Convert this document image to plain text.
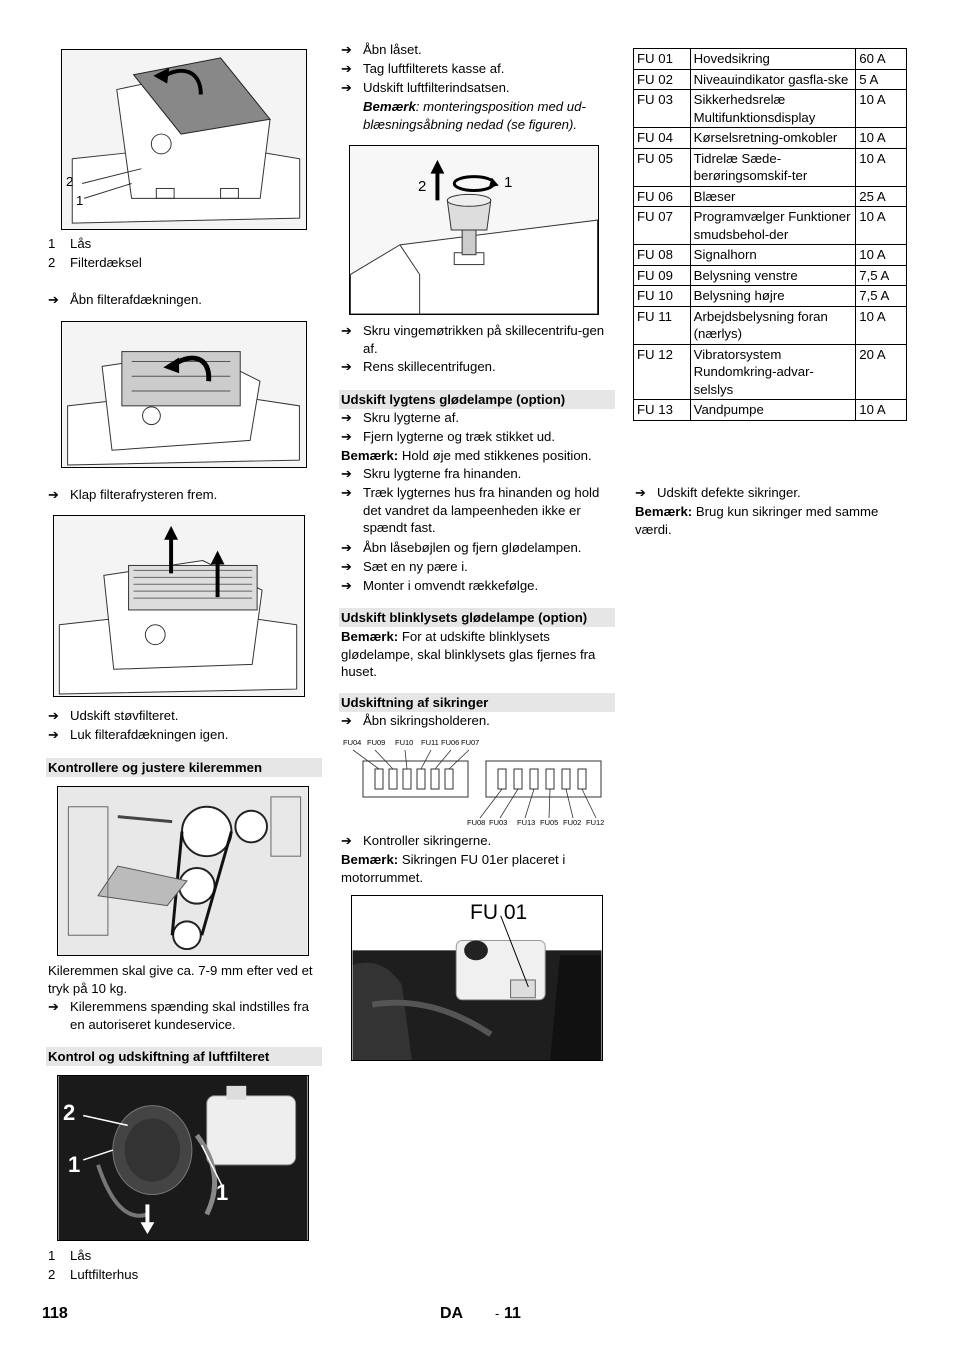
2
1
1 Lås
2 Filterdæksel
➔ Åbn filterafdækningen.
➔ Klap filterafrysteren frem.
➔ Udskift støvfilteret.
➔ Luk filterafdækningen igen.
Kontrollere og justere kileremmen
Kileremmen skal give ca. 7-9 mm efter ved et tryk på 10 kg.
➔ Kileremmens spænding skal indstilles fra en autoriseret kundeservice.
Kontrol og udskiftning af luftfilteret
2
1
1
1 Lås
2 Luftfilterhus
➔ Åbn låset.
➔ Tag luftfilterets kasse af.
➔ Udskift luftfilterindsatsen.
Bemærk: monteringsposition med ud-blæsningsåbning nedad (se figuren).
2	1
➔ Skru vingemøtrikken på skillecentrifu-gen af.
➔ Rens skillecentrifugen.
Udskift lygtens glødelampe (option)
➔ Skru lygterne af.
➔ Fjern lygterne og træk stikket ud.
Bemærk: Hold øje med stikkenes position.
➔ Skru lygterne fra hinanden.
➔ Træk lygternes hus fra hinanden og hold det vandret da lampeenheden ikke er spændt fast.
➔ Åbn låsebøjlen og fjern glødelampen.
➔ Sæt en ny pære i.
➔ Monter i omvendt rækkefølge.
Udskift blinklysets glødelampe (option)
Bemærk: For at udskifte blinklysets glødelampe, skal blinklysets glas fjernes fra huset.
Udskiftning af sikringer
➔ Åbn sikringsholderen.
FU04 FU09 FU10 FU11 FU06 FU07
FU08 FU03 FU13 FU05 FU02 FU12
➔ Kontroller sikringerne.
Bemærk: Sikringen FU 01er placeret i motorrummet.
FU 01
FU 01	Hovedsikring	60 A
FU 02	Niveauindikator gasfla-ske	5 A
FU 03	Sikkerhedsrelæ Multifunktionsdisplay	10 A
FU 04	Kørselsretning-omkobler	10 A
FU 05	Tidrelæ Sæde-berøringsomskif-ter	10 A
FU 06	Blæser	25 A
FU 07	Programvælger Funktioner smudsbehol-der	10 A
FU 08	Signalhorn	10 A
FU 09	Belysning venstre	7,5 A
FU 10	Belysning højre	7,5 A
FU 11	Arbejdsbelysning foran (nærlys)	10 A
FU 12	Vibratorsystem Rundomkring-advar-selslys	20 A
FU 13	Vandpumpe	10 A
➔ Udskift defekte sikringer.
Bemærk: Brug kun sikringer med samme værdi.
118	DA - 11
